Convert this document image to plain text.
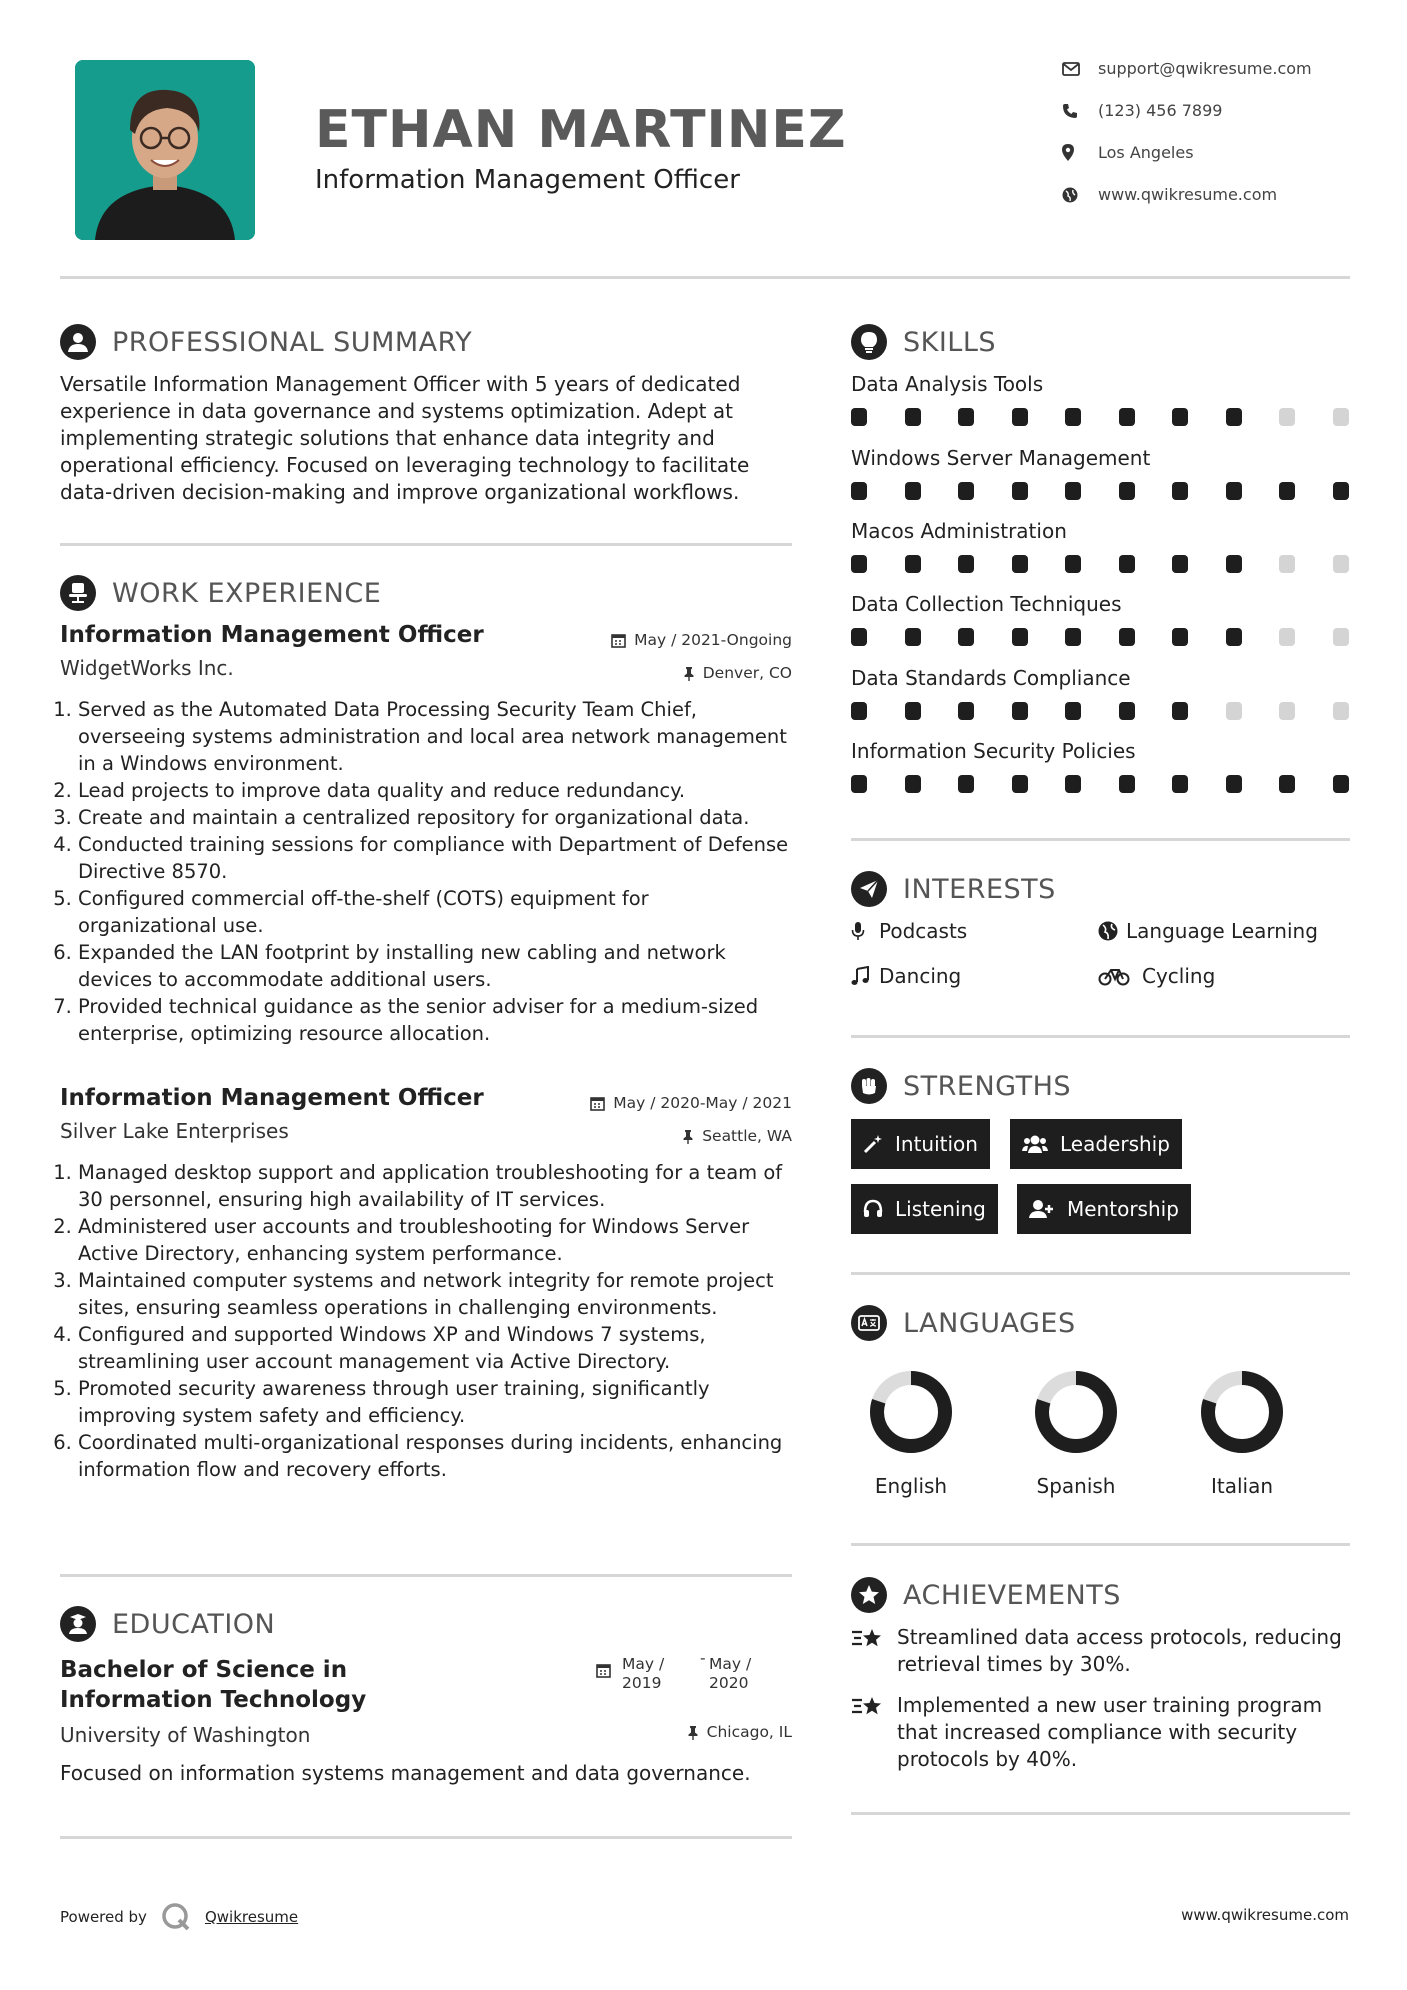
ETHAN MARTINEZ
Information Management Officer
support@qwikresume.com
(123) 456 7899
Los Angeles
www.qwikresume.com
PROFESSIONAL SUMMARY
Versatile Information Management Officer with 5 years of dedicated experience in data governance and systems optimization. Adept at implementing strategic solutions that enhance data integrity and operational efficiency. Focused on leveraging technology to facilitate data-driven decision-making and improve organizational workflows.
WORK EXPERIENCE
Information Management Officer	May / 2021-Ongoing
WidgetWorks Inc.	Denver, CO
1. Served as the Automated Data Processing Security Team Chief, overseeing systems administration and local area network management in a Windows environment.
2. Lead projects to improve data quality and reduce redundancy.
3. Create and maintain a centralized repository for organizational data.
4. Conducted training sessions for compliance with Department of Defense Directive 8570.
5. Configured commercial off-the-shelf (COTS) equipment for organizational use.
6. Expanded the LAN footprint by installing new cabling and network devices to accommodate additional users.
7. Provided technical guidance as the senior adviser for a medium-sized enterprise, optimizing resource allocation.
Information Management Officer	May / 2020-May / 2021
Silver Lake Enterprises	Seattle, WA
1. Managed desktop support and application troubleshooting for a team of 30 personnel, ensuring high availability of IT services.
2. Administered user accounts and troubleshooting for Windows Server Active Directory, enhancing system performance.
3. Maintained computer systems and network integrity for remote project sites, ensuring seamless operations in challenging environments.
4. Configured and supported Windows XP and Windows 7 systems, streamlining user account management via Active Directory.
5. Promoted security awareness through user training, significantly improving system safety and efficiency.
6. Coordinated multi-organizational responses during incidents, enhancing information flow and recovery efforts.
EDUCATION
Bachelor of Science in Information Technology
May / 2019
- May / 2020
University of Washington	Chicago, IL
Focused on information systems management and data governance.
SKILLS
Data Analysis Tools
Windows Server Management
Macos Administration
Data Collection Techniques
Data Standards Compliance
Information Security Policies
INTERESTS
Podcasts	Language Learning
Dancing	Cycling
STRENGTHS
Intuition	Leadership
Listening	Mentorship
LANGUAGES
English	Spanish	Italian
ACHIEVEMENTS
Streamlined data access protocols, reducing retrieval times by 30%.
Implemented a new user training program that increased compliance with security protocols by 40%.
Powered by	Qwikresume	www.qwikresume.com
